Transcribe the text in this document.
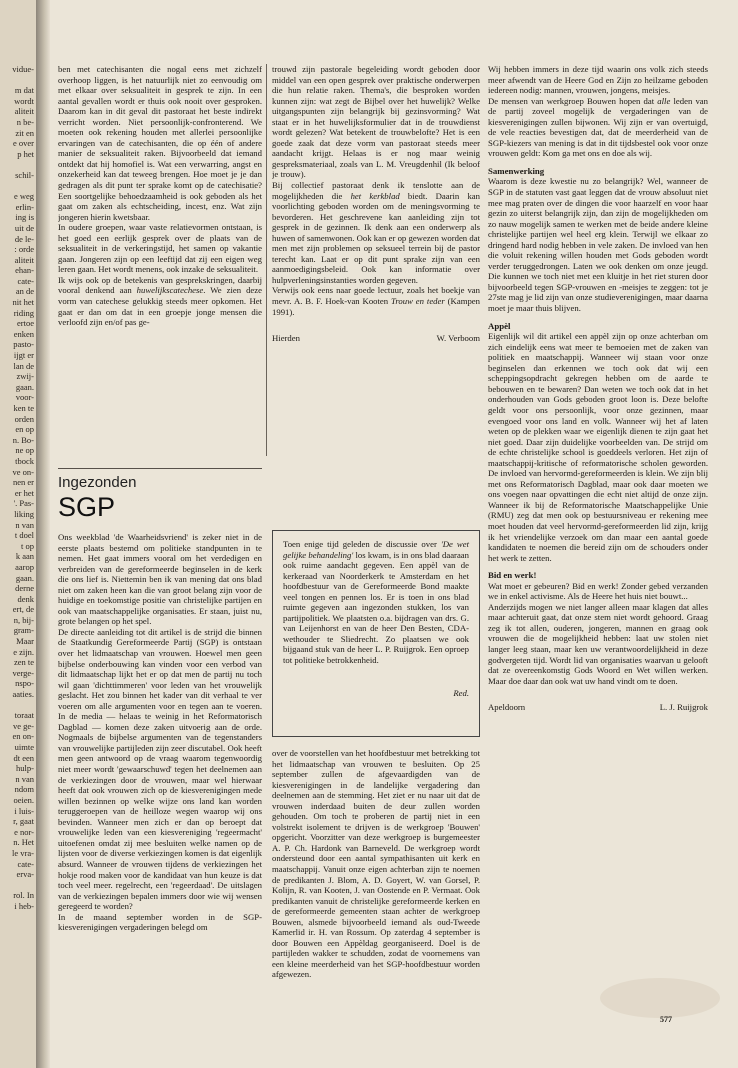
vidue-
m dat
wordt
aliteit
n be-
zit en
e over
p het
schil-
e weg
erlin-
ing is
uit de
de le-
: orde
aliteit
ehan-
cate-
an de
nit het
riding
ertoe
enken
pasto-
ijgt er
lan de
zwij-
gaan.
voor-
ken te
orden
en op
n. Bo-
ne op
tbock
ve on-
nen er
er het
'. Pas-
liking
n van
t doel
t op
k aan
aarop
gaan.
derne
denk
ert, de
n, bij-
gram-
Maar
e zijn.
zen te
verge-
nspo-
aaties.
toraat
ve ge-
en on-
uimte
dt een
hulp-
n van
ndom
oeien.
i luis-
r, gaat
e nor-
n. Het
le vra-
cate-
erva-
rol. In
i heb-

ben met catechisanten die nogal eens met zichzelf overhoop liggen, is het natuurlijk niet zo eenvoudig om met elkaar over seksualiteit in gesprek te zijn. In een aantal gevallen wordt er thuis ook nooit over gesproken. Daarom kan in dit geval dit pastoraat het beste indirekt verricht worden. Niet persoonlijk-confronterend. We moeten ook rekening houden met allerlei persoonlijke ervaringen van de catechisanten, die op één of andere manier de seksualiteit raken. Bijvoorbeeld dat iemand ontdekt dat hij homofiel is. Wat een verwarring, angst en onzekerheid kan dat teweeg brengen. Hoe moet je je dan gedragen als dit punt ter sprake komt op de catechisatie? Een soortgelijke behoedzaamheid is ook geboden als het gaat om zaken als echtscheiding, incest, enz. Wat zijn jongeren hierin kwetsbaar.

In oudere groepen, waar vaste relatievormen ontstaan, is het goed een eerlijk gesprek over de plaats van de seksualiteit in de verkeringstijd, het samen op vakantie gaan. Jongeren zijn op een leeftijd dat zij een eigen weg leren gaan. Het wordt menens, ook inzake de seksualiteit.

Ik wijs ook op de betekenis van gesprekskringen, daarbij vooral denkend aan huwelijkscatechese. We zien deze vorm van catechese gelukkig steeds meer opkomen. Het gaat er dan om dat in een groepje jonge mensen die verloofd zijn en/of pas ge-

trouwd zijn pastorale begeleiding wordt geboden door middel van een open gesprek over praktische onderwerpen die hun relatie raken. Thema's, die besproken worden kunnen zijn: wat zegt de Bijbel over het huwelijk? Welke uitgangspunten zijn belangrijk bij gezinsvorming? Wat staat er in het huwelijksformulier dat in de trouwdienst wordt gelezen? Wat betekent de trouwbelofte? Het is een goede zaak dat deze vorm van pastoraat steeds meer aandacht krijgt. Helaas is er nog maar weinig gespreksmateriaal, zoals van L. M. Vreugdenhil (Ik beloof je trouw).

Bij collectief pastoraat denk ik tenslotte aan de mogelijkheden die het kerkblad biedt. Daarin kan voorlichting geboden worden om de meningsvorming te bevorderen. Het geschrevene kan aanleiding zijn tot gesprek in de gezinnen. Ik denk aan een onderwerp als huwen of samenwonen. Ook kan er op gewezen worden dat men met zijn problemen op seksueel terrein bij de pastor terecht kan. Laat er op dit punt sprake zijn van een aanmoedigingsbeleid. Ook kan informatie over hulpverleningsinstanties worden gegeven.

Verwijs ook eens naar goede lectuur, zoals het boekje van mevr. A. B. F. Hoek-van Kooten Trouw en teder (Kampen 1991).

Hierden	W. Verboom

Ingezonden
SGP

Ons weekblad 'de Waarheidsvriend' is zeker niet in de eerste plaats bestemd om politieke standpunten in te nemen. Het gaat immers vooral om het verdedigen en verbreiden van de gereformeerde beginselen in de kerk die ons lief is. Niettemin ben ik van mening dat ons blad niet om zaken heen kan die van groot belang zijn voor de huidige en toekomstige positie van christelijke partijen en ook van maatschappelijke organisaties. Er staan, juist nu, grote belangen op het spel.

De directe aanleiding tot dit artikel is de strijd die binnen de Staatkundig Gereformeerde Partij (SGP) is ontstaan over het lidmaatschap van vrouwen. Hoewel men geen bijbelse onderbouwing kan vinden voor een verbod van dit lidmaatschap lijkt het er op dat men de partij nu toch wil gaan 'dichttimmeren' voor leden van het vrouwelijk geslacht. Het zou binnen het kader van dit verhaal te ver voeren om alle argumenten voor en tegen aan te voeren. In de media — helaas te weinig in het Reformatorisch Dagblad — komen deze zaken uitvoerig aan de orde. Nogmaals de bijbelse argumenten van de tegenstanders van vrouwelijke partijleden zijn zeer discutabel. Ook heeft men geen antwoord op de vraag waarom tegenwoordig niet meer wordt 'gewaarschuwd' tegen het deelnemen aan de verkiezingen door de vrouwen, maar wel hierwaar heeft dat ook vrouwen zich op de kiesverenigingen mede willen bezinnen op welke wijze ons land kan worden teruggeroepen van de heilloze wegen waarop wij ons bevinden. Wanneer men zich er dan op beroept dat vrouwelijke leden van een kiesvereniging 'regeermacht' uitoefenen omdat zij mee besluiten welke namen op de lijsten voor de diverse verkiezingen komen is dat eigenlijk absurd. Wanneer de vrouwen tijdens de verkiezingen het hokje rood maken voor de kandidaat van hun keuze is dat toch veel meer. regelrecht, een 'regeerdaad'. De uitslagen van de verkiezingen bepalen immers door wie wij wensen geregeerd te worden?

In de maand september worden in de SGP-kiesverenigingen vergaderingen belegd om

Toen enige tijd geleden de discussie over 'De wet gelijke behandeling' los kwam, is in ons blad daaraan ook ruime aandacht gegeven. Een appèl van de kerkeraad van Noorderkerk te Amsterdam en het hoofdbestuur van de Gereformeerde Bond maakte veel tongen en pennen los. Er is toen in ons blad ruimte gegeven aan ingezonden stukken, los van partijpolitiek. We plaatsten o.a. bijdragen van drs. G. van Leijenhorst en van de heer Den Besten, CDA-wethouder te Sliedrecht. Zo plaatsen we ook bijgaand stuk van de heer L. P. Ruijgrok. Een oproep tot politieke betrokkenheid.

Red.

over de voorstellen van het hoofdbestuur met betrekking tot het lidmaatschap van vrouwen te besluiten. Op 25 september zullen de afgevaardigden van de kiesverenigingen in de landelijke vergadering dan deelnemen aan de stemming. Het ziet er nu naar uit dat de vrouwen inderdaad buiten de deur zullen worden gehouden. Om toch te proberen de partij niet in een volstrekt isolement te drijven is de werkgroep 'Bouwen' opgericht. Voorzitter van deze werkgroep is burgemeester A. P. Ch. Hardonk van Barneveld. De werkgroep wordt ondersteund door een aantal sympathisanten uit kerk en maatschappij. Vanuit onze eigen achterban zijn te noemen de predikanten J. Blom, A. D. Goyert, W. van Gorsel, P. Kolijn, R. van Kooten, J. van Oostende en P. Vermaat. Ook predikanten vanuit de christelijke gereformeerde kerken en de gereformeerde gemeenten staan achter de werkgroep Bouwen, alsmede bijvoorbeeld iemand als oud-Tweede Kamerlid ir. H. van Rossum. Op zaterdag 4 september is door Bouwen een Appèldag georganiseerd. Doel is de partijleden wakker te schudden, zodat de voornemens van een kleine meerderheid van het SGP-hoofdbestuur worden afgewezen.

Wij hebben immers in deze tijd waarin ons volk zich steeds meer afwendt van de Heere God en Zijn zo heilzame geboden iedereen nodig: mannen, vrouwen, jongens, meisjes.

De mensen van werkgroep Bouwen hopen dat alle leden van de partij zoveel mogelijk de vergaderingen van de kiesverenigingen zullen bijwonen. Wij zijn er van overtuigd, de vele reacties bevestigen dat, dat de meerderheid van de SGP-kiezers van mening is dat in dit tijdsbestel ook voor onze vrouwen geldt: Kom ga met ons en doe als wij.

Samenwerking

Waarom is deze kwestie nu zo belangrijk? Wel, wanneer de SGP in de statuten vast gaat leggen dat de vrouw absoluut niet mee mag praten over de dingen die voor haarzelf en voor haar gezin zo uiterst belangrijk zijn, dan zijn de mogelijkheden om zo nauw mogelijk samen te werken met de beide andere kleine christelijke partijen wel heel erg klein. Terwijl we elkaar zo dringend hard nodig hebben in vele zaken. De invloed van hen die voluit rekening willen houden met Gods geboden wordt verder teruggedrongen. Laten we ook denken om onze jeugd. Die kunnen we toch niet met een kluitje in het riet sturen door bijvoorbeeld tegen SGP-vrouwen en -meisjes te zeggen: tot je 27ste mag je lid zijn van onze studieverenigingen, maar daarna moet je maar thuis blijven.

Appèl

Eigenlijk wil dit artikel een appèl zijn op onze achterban om zich eindelijk eens wat meer te bemoeien met de zaken van politiek en maatschappij. Wanneer wij staan voor onze beginselen dan erkennen we toch ook dat wij een scheppingsopdracht gekregen hebben om de aarde te bebouwen en te bewaren? Dan weten we toch ook dat in het onderhouden van Gods geboden groot loon is. Deze belofte geldt voor ons persoonlijk, voor onze gezinnen, maar evengoed voor ons land en volk. Wanneer wij het af laten weten op de plekken waar we eigenlijk dienen te zijn gaat het niet goed. Daar zijn duidelijke voorbeelden van. De strijd om de echte christelijke school is goeddeels verloren. Het zijn of maatschappij-kritische of reformatorische scholen geworden. De invloed van hervormd-gereformeerden is klein. We zijn blij met ons Reformatorisch Dagblad, maar ook daar moeten we ons voegen naar opvattingen die echt niet altijd de onze zijn. Wanneer ik bij de Reformatorische Maatschappelijke Unie (RMU) zeg dat men ook op bestuursniveau er rekening mee moet houden dat veel hervormd-gereformeerden lid zijn, krijg ik het vriendelijke verzoek om dan maar een aantal goede kandidaten te noemen die bereid zijn om de schouders onder het werk te zetten.

Bid en werk!

Wat moet er gebeuren? Bid en werk! Zonder gebed verzanden we in enkel activisme. Als de Heere het huis niet bouwt...

Anderzijds mogen we niet langer alleen maar klagen dat alles maar achteruit gaat, dat onze stem niet wordt gehoord. Graag zeg ik tot allen, ouderen, jongeren, mannen en graag ook vrouwen die de mogelijkheid hebben: laat uw stolen niet langer leeg staan, maar ken uw verantwoordelijkheid in deze godvergeten tijd. Wordt lid van organisaties waarvan u gelooft dat ze overeenkomstig Gods Woord en Wet willen werken. Maar doe daar dan ook wat uw hand vindt om te doen.

Apeldoorn	L. J. Ruijgrok

577
